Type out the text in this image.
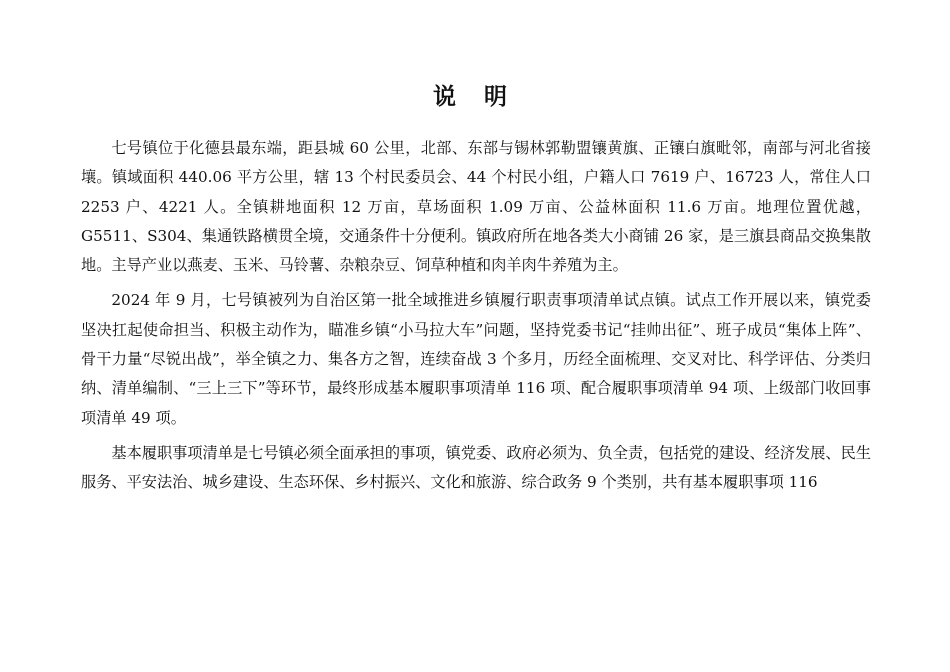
说 明

七号镇位于化德县最东端，距县城 60 公里，北部、东部与锡林郭勒盟镶黄旗、正镶白旗毗邻，南部与河北省接壤。镇域面积 440.06 平方公里，辖 13 个村民委员会、44 个村民小组，户籍人口 7619 户、16723 人，常住人口 2253 户、4221 人。全镇耕地面积 12 万亩，草场面积 1.09 万亩、公益林面积 11.6 万亩。地理位置优越，G5511、S304、集通铁路横贯全境，交通条件十分便利。镇政府所在地各类大小商铺 26 家，是三旗县商品交换集散地。主导产业以燕麦、玉米、马铃薯、杂粮杂豆、饲草种植和肉羊肉牛养殖为主。

2024 年 9 月，七号镇被列为自治区第一批全域推进乡镇履行职责事项清单试点镇。试点工作开展以来，镇党委坚决扛起使命担当、积极主动作为，瞄准乡镇“小马拉大车”问题，坚持党委书记“挂帅出征”、班子成员“集体上阵”、骨干力量“尽锐出战”，举全镇之力、集各方之智，连续奋战 3 个多月，历经全面梳理、交叉对比、科学评估、分类归纳、清单编制、“三上三下”等环节，最终形成基本履职事项清单 116 项、配合履职事项清单 94 项、上级部门收回事项清单 49 项。

基本履职事项清单是七号镇必须全面承担的事项，镇党委、政府必须为、负全责，包括党的建设、经济发展、民生服务、平安法治、城乡建设、生态环保、乡村振兴、文化和旅游、综合政务 9 个类别，共有基本履职事项 116
